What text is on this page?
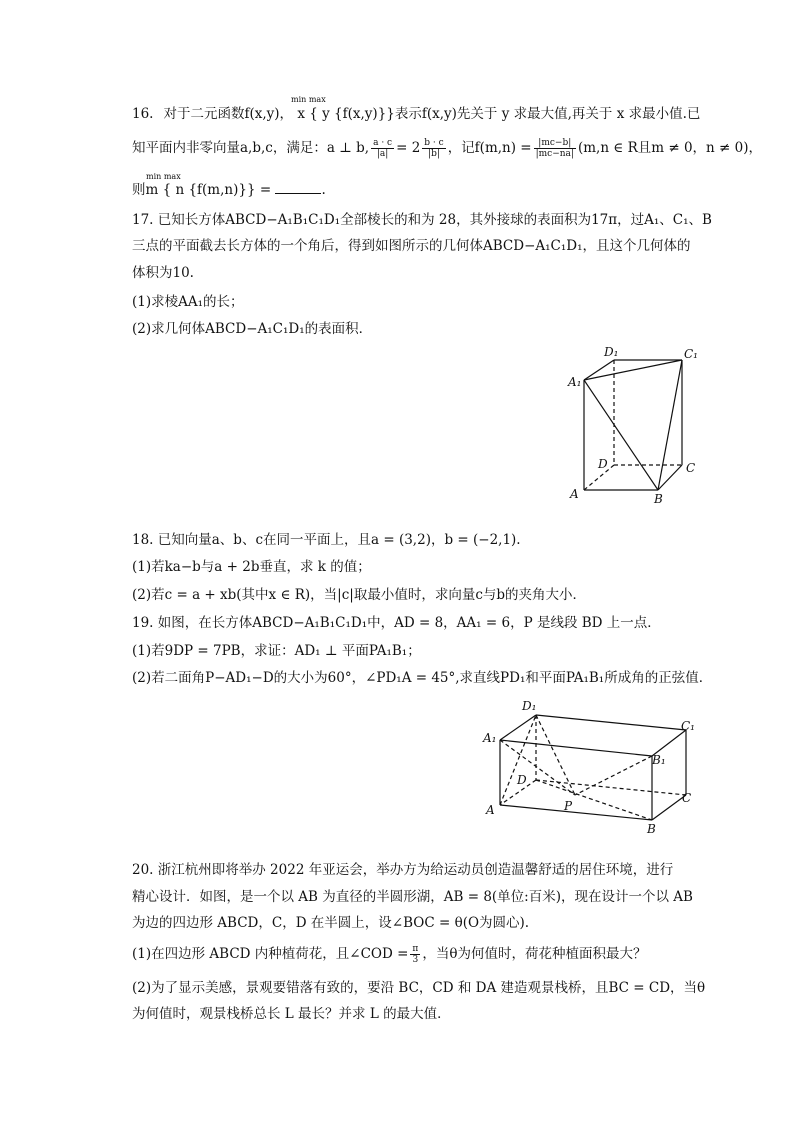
min max
16. 对于二元函数f(x,y)， x { y {f(x,y)}}表示f(x,y)先关于 y 求最大值,再关于 x 求最小值.已
知平面内非零向量a,b,c，满足：a ⊥ b, $\frac{a \cdot c}{|a|} = 2 \frac{b \cdot c}{|b|}$ ，记$f(m,n) = \frac{|mc-b|}{|mc-na|} (m,n$ ∈ R且m ≠ 0，n ≠ 0)，
min max
则m { n {f(m,n)}} =	.
17. 已知长方体ABCD−A₁B₁C₁D₁全部棱长的和为 28，其外接球的表面积为17π，过A₁、C₁、B
三点的平面截去长方体的一个角后，得到如图所示的几何体ABCD−A₁C₁D₁，且这个几何体的
体积为10.
(1)求棱AA₁的长；
(2)求几何体ABCD−A₁C₁D₁的表面积．
D₁	C₁
A₁
D	C
A	B
18. 已知向量a、b、c在同一平面上，且a = (3,2)，b = (−2,1).
(1)若ka−b与a + 2b垂直，求 k 的值；
(2)若c = a + xb(其中x ∈ R)，当|c|取最小值时，求向量c与b的夹角大小．
19. 如图，在长方体ABCD−A₁B₁C₁D₁中，AD = 8，AA₁ = 6，P 是线段 BD 上一点．
(1)若9DP = 7PB，求证：AD₁ ⊥ 平面PA₁B₁；
(2)若二面角P−AD₁−D的大小为60°，∠PD₁A = 45°,求直线PD₁和平面PA₁B₁所成角的正弦值．
D₁
C₁
A₁
B₁
D
C
A	P
B
20. 浙江杭州即将举办 2022 年亚运会，举办方为给运动员创造温馨舒适的居住环境，进行
精心设计．如图，是一个以 AB 为直径的半圆形湖，AB = 8(单位:百米)，现在设计一个以 AB
为边的四边形 ABCD，C，D 在半圆上，设∠BOC = θ(O为圆心).
(1)在四边形 ABCD 内种植荷花，且∠COD = $\frac{\pi}{3}$ ，当θ为何值时，荷花种植面积最大？
(2)为了显示美感，景观要错落有致的，要沿 BC，CD 和 DA 建造观景栈桥，且BC = CD，当θ
为何值时，观景栈桥总长 L 最长？并求 L 的最大值．
